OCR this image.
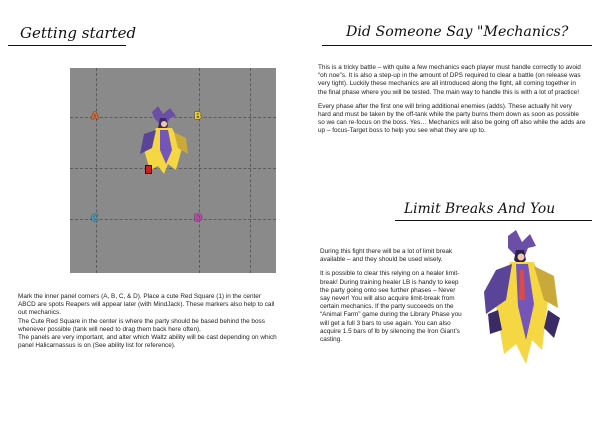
Getting started
A	B
C	D
Mark the inner panel corners (A, B, C, & D). Place a cute Red Square (1) in the center
ABCD are spots Reapers will appear later (with MindJack). These markers also help to call out mechanics.
The Cute Red Square in the center is where the party should be based behind the boss whenever possible (tank will need to drag them back here often).
The panels are very important, and alter which Waltz ability will be cast depending on which panel Halicarnassus is on (See ability list for reference).
Did Someone Say "Mechanics?

This is a tricky battle – with quite a few mechanics each player must handle correctly to avoid “oh noe”s. It is also a step-up in the amount of DPS required to clear a battle (on release was very tight). Luckily these mechanics are all introduced along the fight, all coming together in the final phase where you will be tested. The main way to handle this is with a lot of practice!

Every phase after the first one will bring additional enemies (adds). These actually hit very hard and must be taken by the off-tank while the party burns them down as soon as possible so we can re-focus on the boss. Yes… Mechanics will also be going off also while the adds are up – focus-Target boss to help you see what they are up to.

Limit Breaks And You

During this fight there will be a lot of limit break available – and they should be used wisely.

It is possible to clear this relying on a healer limit-break! During training healer LB is handy to keep the party going onto see further phases – Never say never! You will also acquire limit-break from certain mechanics. If the party succeeds on the “Animal Farm” game during the Library Phase you will get a full 3 bars to use again. You can also acquire 1.5 bars of lb by silencing the Iron Giant’s casting.
